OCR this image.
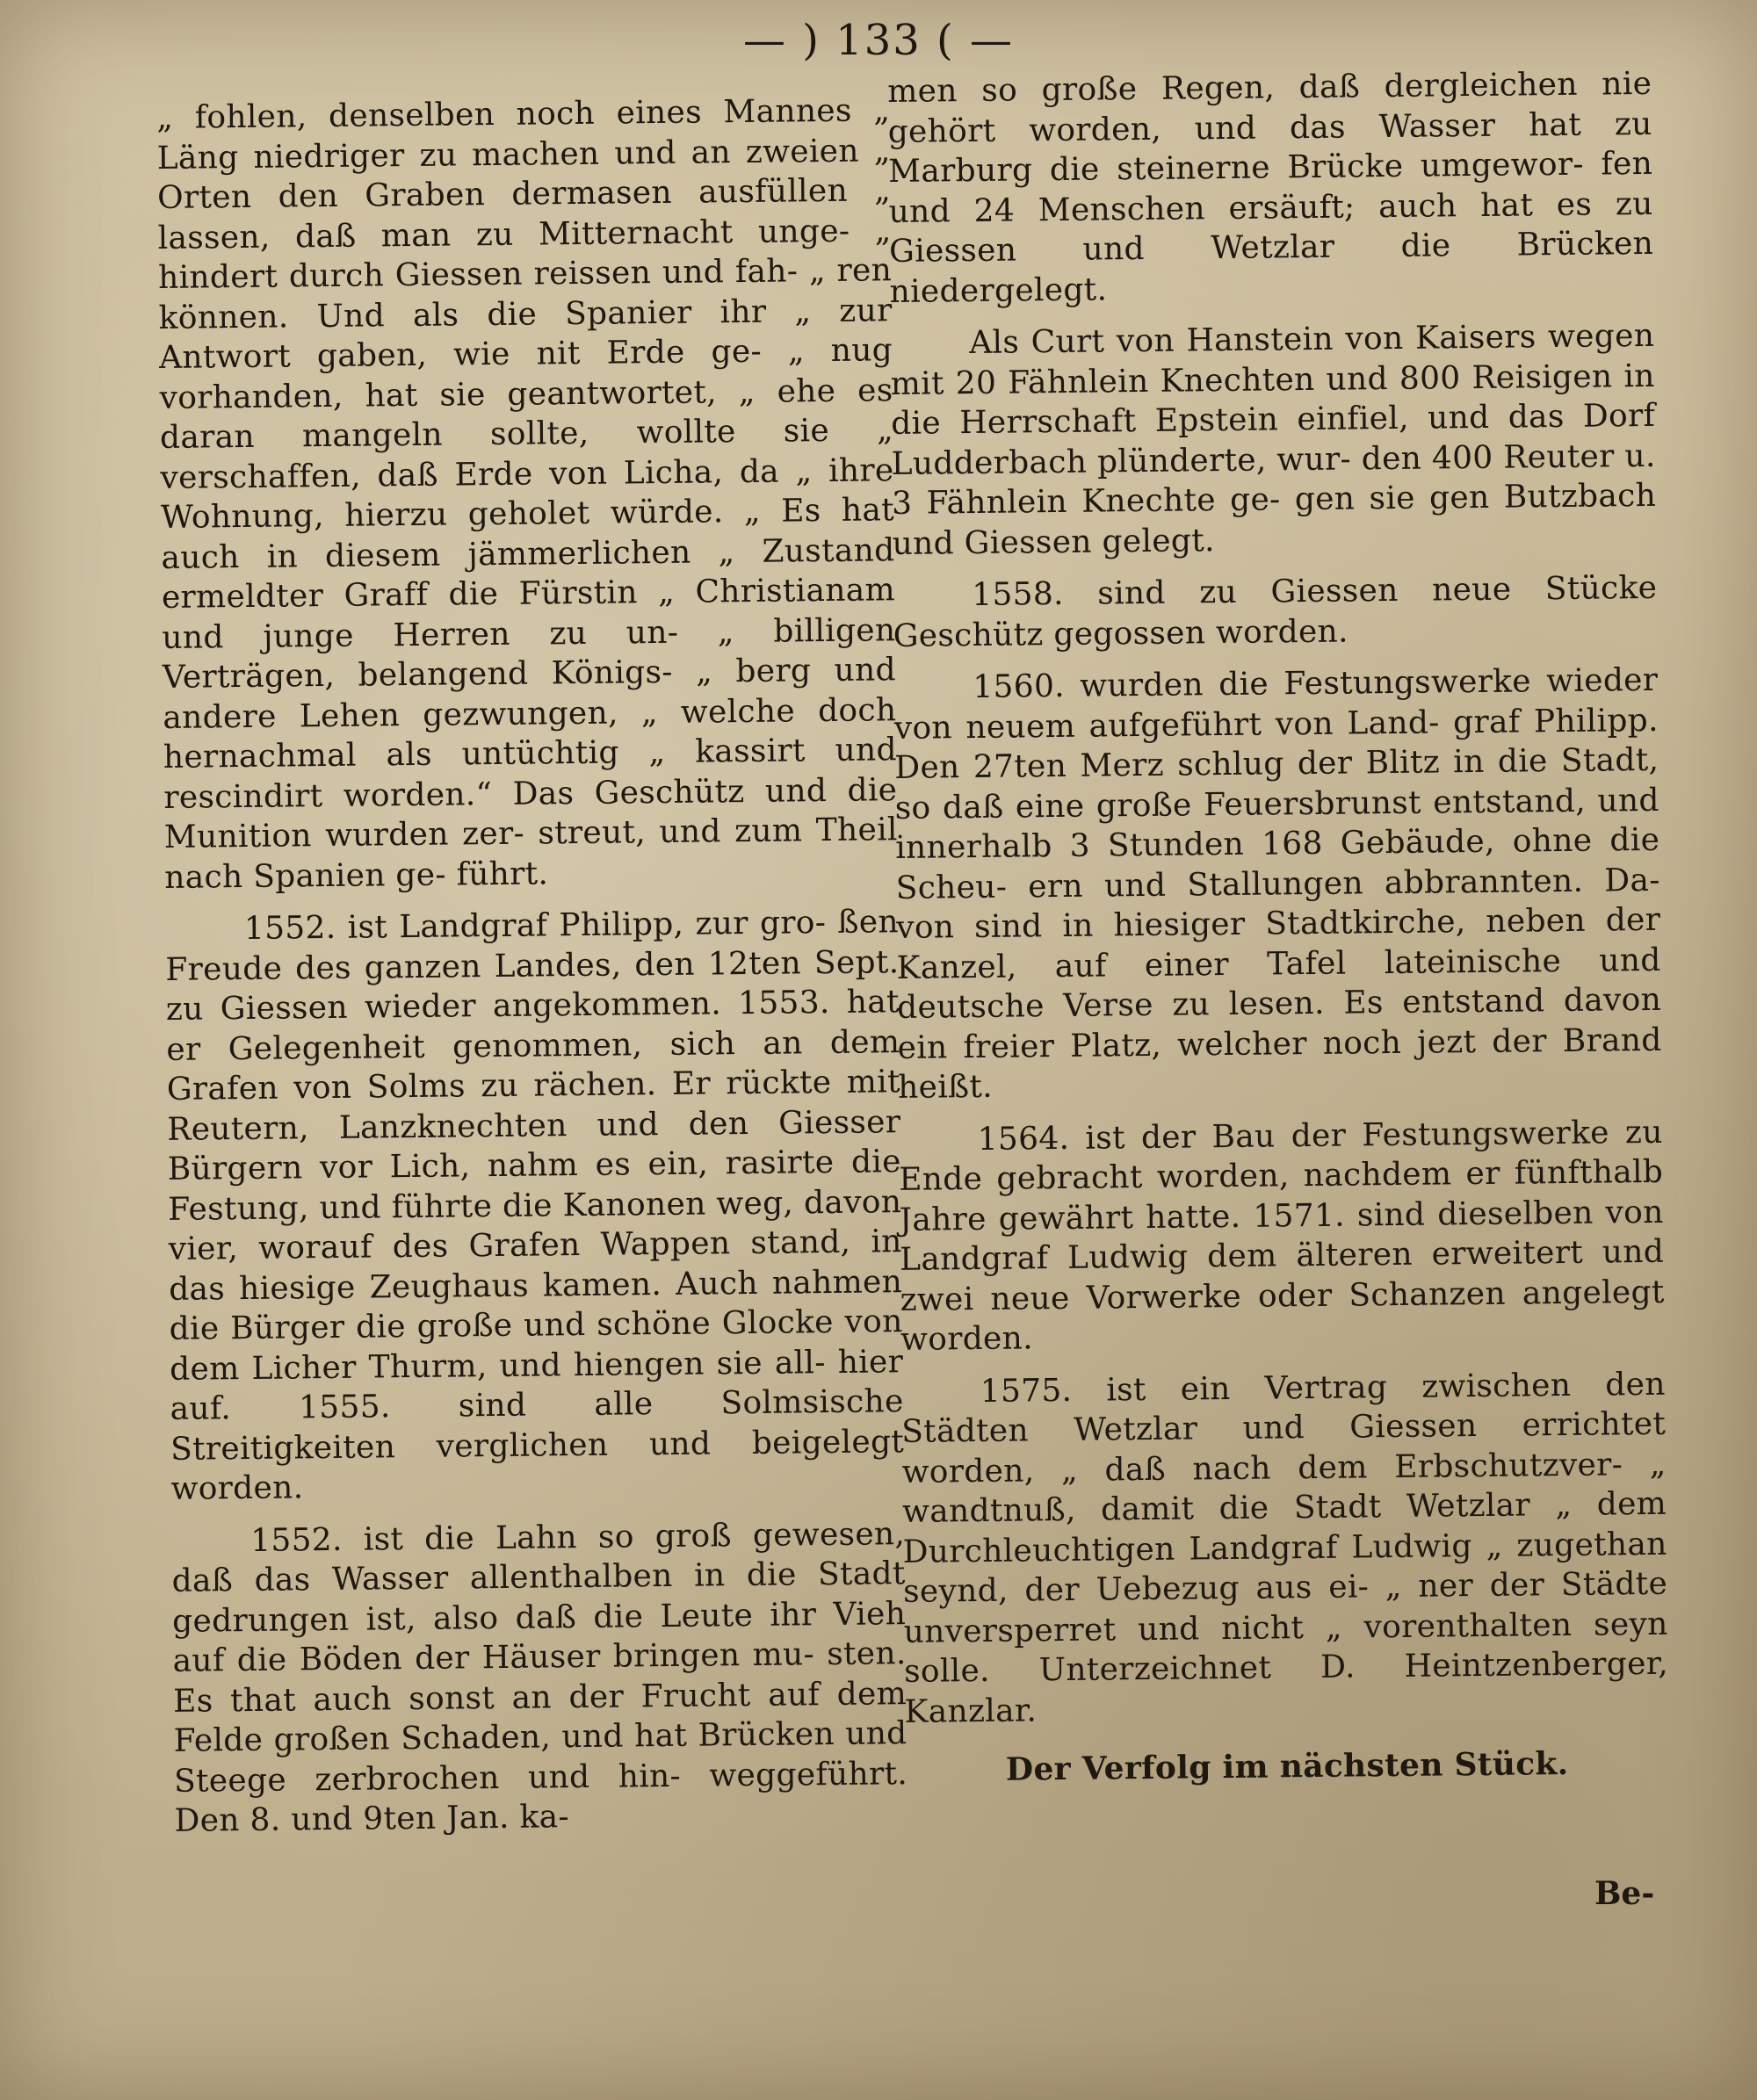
— ) 133 ( —

„ fohlen, denselben noch eines Mannes „ Läng niedriger zu machen und an zweien „ Orten den Graben dermasen ausfüllen „ lassen, daß man zu Mitternacht unge- „ hindert durch Giessen reissen und fah- „ ren können. Und als die Spanier ihr „ zur Antwort gaben, wie nit Erde ge- „ nug vorhanden, hat sie geantwortet, „ ehe es daran mangeln sollte, wollte sie „ verschaffen, daß Erde von Licha, da „ ihre Wohnung, hierzu geholet würde. „ Es hat auch in diesem jämmerlichen „ Zustand ermeldter Graff die Fürstin „ Christianam und junge Herren zu un- „ billigen Verträgen, belangend Königs- „ berg und andere Lehen gezwungen, „ welche doch hernachmal als untüchtig „ kassirt und rescindirt worden.“ Das Geschütz und die Munition wurden zer- streut, und zum Theil nach Spanien ge- führt.

1552. ist Landgraf Philipp, zur gro- ßen Freude des ganzen Landes, den 12ten Sept. zu Giessen wieder angekommen. 1553. hat er Gelegenheit genommen, sich an dem Grafen von Solms zu rächen. Er rückte mit Reutern, Lanzknechten und den Giesser Bürgern vor Lich, nahm es ein, rasirte die Festung, und führte die Kanonen weg, davon vier, worauf des Grafen Wappen stand, in das hiesige Zeughaus kamen. Auch nahmen die Bürger die große und schöne Glocke von dem Licher Thurm, und hiengen sie all- hier auf. 1555. sind alle Solmsische Streitigkeiten verglichen und beigelegt worden.

1552. ist die Lahn so groß gewesen, daß das Wasser allenthalben in die Stadt gedrungen ist, also daß die Leute ihr Vieh auf die Böden der Häuser bringen mu- sten. Es that auch sonst an der Frucht auf dem Felde großen Schaden, und hat Brücken und Steege zerbrochen und hin- weggeführt. Den 8. und 9ten Jan. ka-

men so große Regen, daß dergleichen nie gehört worden, und das Wasser hat zu Marburg die steinerne Brücke umgewor- fen und 24 Menschen ersäuft; auch hat es zu Giessen und Wetzlar die Brücken niedergelegt.

Als Curt von Hanstein von Kaisers wegen mit 20 Fähnlein Knechten und 800 Reisigen in die Herrschaft Epstein einfiel, und das Dorf Ludderbach plünderte, wur- den 400 Reuter u. 3 Fähnlein Knechte ge- gen sie gen Butzbach und Giessen gelegt.

1558. sind zu Giessen neue Stücke Geschütz gegossen worden.

1560. wurden die Festungswerke wieder von neuem aufgeführt von Land- graf Philipp. Den 27ten Merz schlug der Blitz in die Stadt, so daß eine große Feuersbrunst entstand, und innerhalb 3 Stunden 168 Gebäude, ohne die Scheu- ern und Stallungen abbrannten. Da- von sind in hiesiger Stadtkirche, neben der Kanzel, auf einer Tafel lateinische und deutsche Verse zu lesen. Es entstand davon ein freier Platz, welcher noch jezt der Brand heißt.

1564. ist der Bau der Festungswerke zu Ende gebracht worden, nachdem er fünfthalb Jahre gewährt hatte. 1571. sind dieselben von Landgraf Ludwig dem älteren erweitert und zwei neue Vorwerke oder Schanzen angelegt worden.

1575. ist ein Vertrag zwischen den Städten Wetzlar und Giessen errichtet worden, „ daß nach dem Erbschutzver- „ wandtnuß, damit die Stadt Wetzlar „ dem Durchleuchtigen Landgraf Ludwig „ zugethan seynd, der Uebezug aus ei- „ ner der Städte unversperret und nicht „ vorenthalten seyn solle. Unterzeichnet D. Heintzenberger, Kanzlar.

Der Verfolg im nächsten Stück.

Be-
